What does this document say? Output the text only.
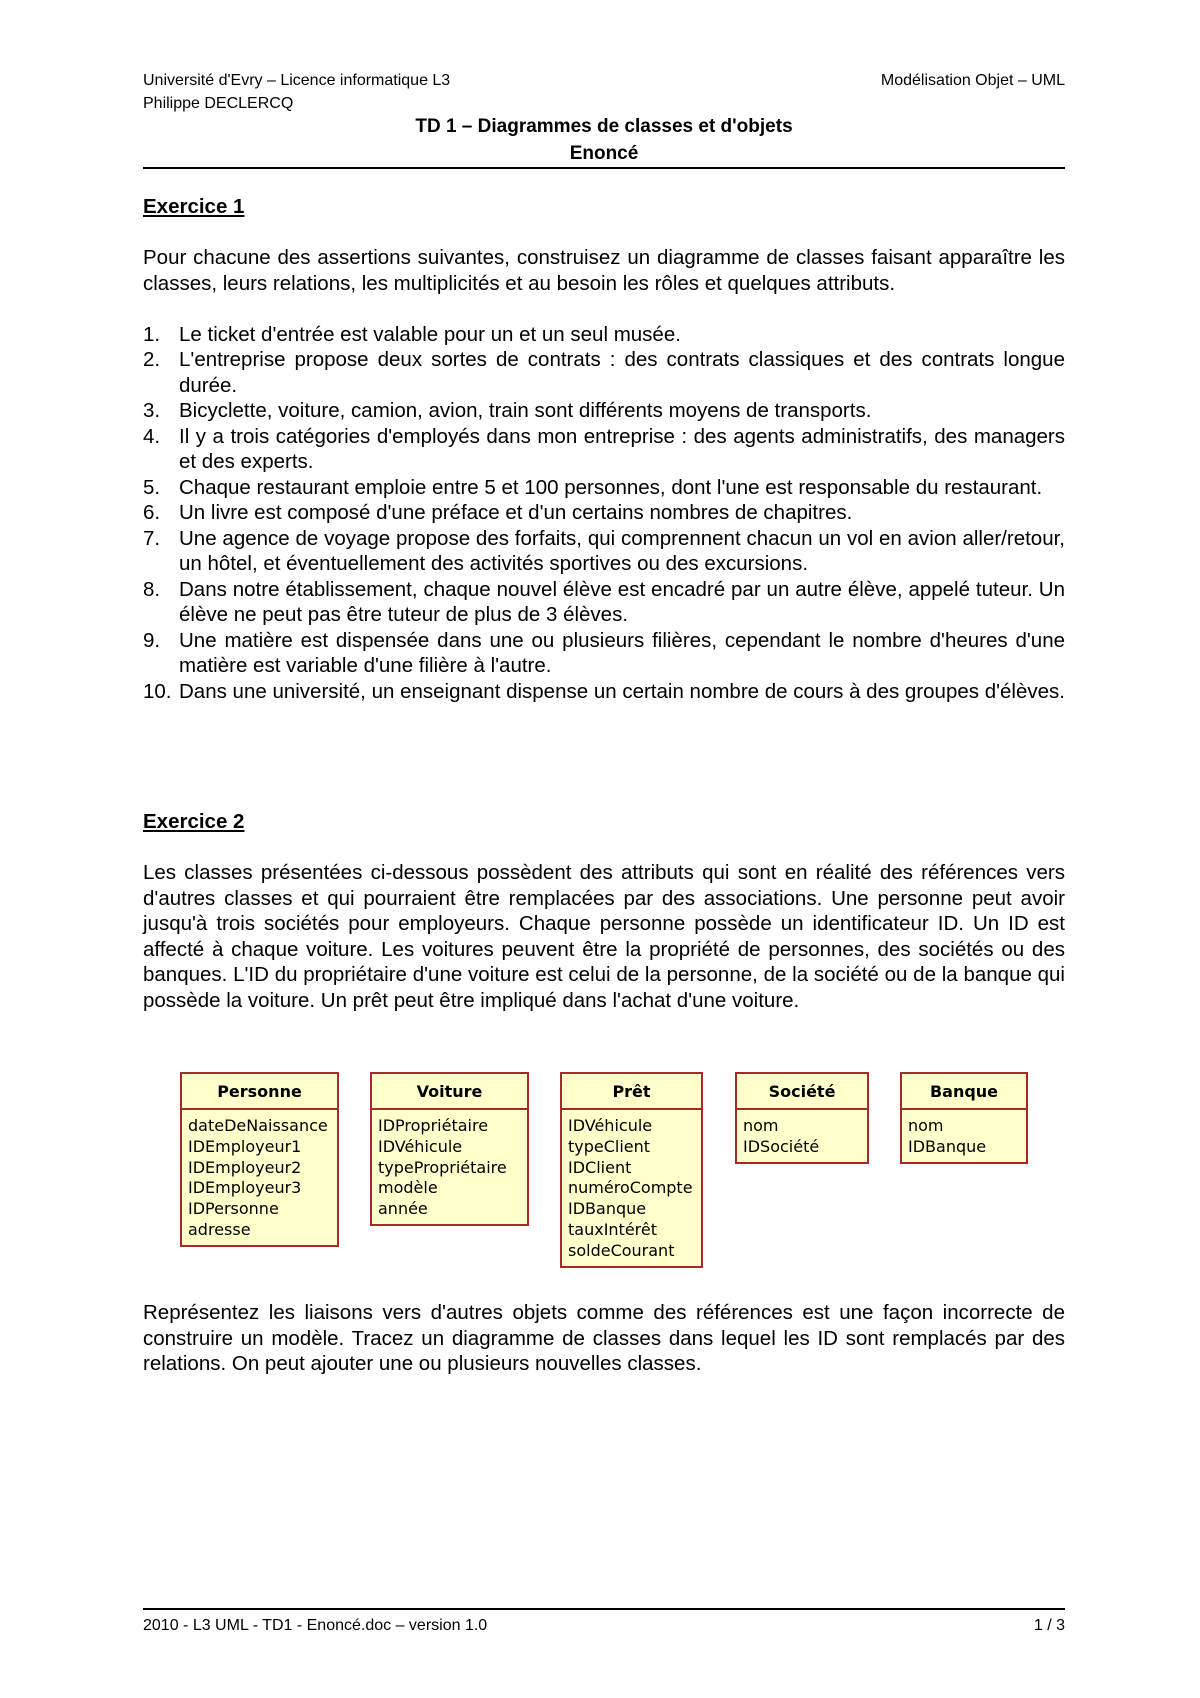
Université d'Evry – Licence informatique L3	Modélisation Objet – UML
Philippe DECLERCQ
TD 1 – Diagrammes de classes et d'objets
Enoncé

Exercice 1

Pour chacune des assertions suivantes, construisez un diagramme de classes faisant apparaître les classes, leurs relations, les multiplicités et au besoin les rôles et quelques attributs.

1. Le ticket d'entrée est valable pour un et un seul musée.
2. L'entreprise propose deux sortes de contrats : des contrats classiques et des contrats longue durée.
3. Bicyclette, voiture, camion, avion, train sont différents moyens de transports.
4. Il y a trois catégories d'employés dans mon entreprise : des agents administratifs, des managers et des experts.
5. Chaque restaurant emploie entre 5 et 100 personnes, dont l'une est responsable du restaurant.
6. Un livre est composé d'une préface et d'un certains nombres de chapitres.
7. Une agence de voyage propose des forfaits, qui comprennent chacun un vol en avion aller/retour, un hôtel, et éventuellement des activités sportives ou des excursions.
8. Dans notre établissement, chaque nouvel élève est encadré par un autre élève, appelé tuteur. Un élève ne peut pas être tuteur de plus de 3 élèves.
9. Une matière est dispensée dans une ou plusieurs filières, cependant le nombre d'heures d'une matière est variable d'une filière à l'autre.
10. Dans une université, un enseignant dispense un certain nombre de cours à des groupes d'élèves.

Exercice 2

Les classes présentées ci-dessous possèdent des attributs qui sont en réalité des références vers d'autres classes et qui pourraient être remplacées par des associations. Une personne peut avoir jusqu'à trois sociétés pour employeurs. Chaque personne possède un identificateur ID. Un ID est affecté à chaque voiture. Les voitures peuvent être la propriété de personnes, des sociétés ou des banques. L'ID du propriétaire d'une voiture est celui de la personne, de la société ou de la banque qui possède la voiture. Un prêt peut être impliqué dans l'achat d'une voiture.

Personne
dateDeNaissance
IDEmployeur1
IDEmployeur2
IDEmployeur3
IDPersonne
adresse
Voiture
IDPropriétaire
IDVéhicule
typePropriétaire
modèle
année
Prêt
IDVéhicule
typeClient
IDClient
numéroCompte
IDBanque
tauxIntérêt
soldeCourant
Société
nom
IDSociété
Banque
nom
IDBanque

Représentez les liaisons vers d'autres objets comme des références est une façon incorrecte de construire un modèle. Tracez un diagramme de classes dans lequel les ID sont remplacés par des relations. On peut ajouter une ou plusieurs nouvelles classes.

2010 - L3 UML - TD1 - Enoncé.doc – version 1.0	1 / 3
